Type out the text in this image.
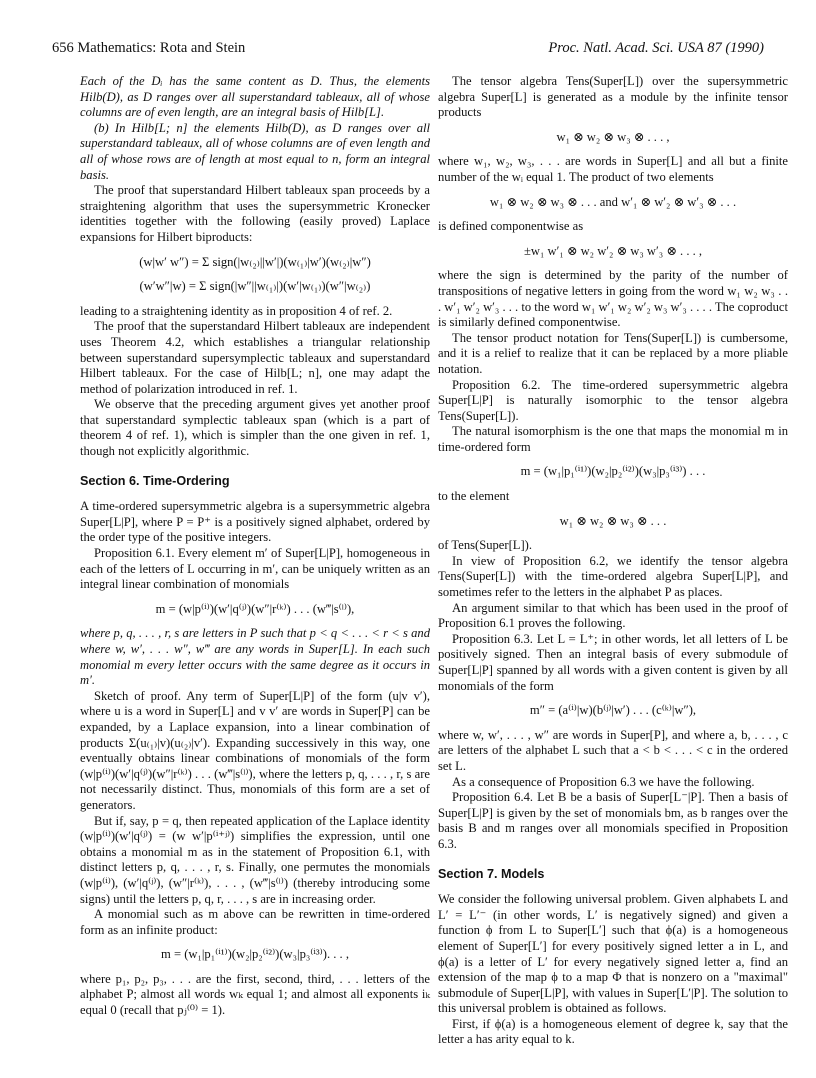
656 Mathematics: Rota and Stein	Proc. Natl. Acad. Sci. USA 87 (1990)

Each of the Dᵢ has the same content as D. Thus, the elements Hilb(D), as D ranges over all superstandard tableaux, all of whose columns are of even length, are an integral basis of Hilb[L].

(b) In Hilb[L; n] the elements Hilb(D), as D ranges over all superstandard tableaux, all of whose columns are of even length and all of whose rows are of length at most equal to n, form an integral basis.

The proof that superstandard Hilbert tableaux span proceeds by a straightening algorithm that uses the supersymmetric Kronecker identities together with the following (easily proved) Laplace expansions for Hilbert biproducts:

(w|w′ w″) = Σ sign(|w₍₂₎||w′|)(w₍₁₎|w′)(w₍₂₎|w″)

(w′w″|w) = Σ sign(|w″||w₍₁₎|)(w′|w₍₁₎)(w″|w₍₂₎)

leading to a straightening identity as in proposition 4 of ref. 2.

The proof that the superstandard Hilbert tableaux are independent uses Theorem 4.2, which establishes a triangular relationship between superstandard supersymplectic tableaux and superstandard Hilbert tableaux. For the case of Hilb[L; n], one may adapt the method of polarization introduced in ref. 1.

We observe that the preceding argument gives yet another proof that superstandard symplectic tableaux span (which is a part of theorem 4 of ref. 1), which is simpler than the one given in ref. 1, though not explicitly algorithmic.

Section 6. Time-Ordering

A time-ordered supersymmetric algebra is a supersymmetric algebra Super[L|P], where P = P⁺ is a positively signed alphabet, ordered by the order type of the positive integers.

Proposition 6.1. Every element m′ of Super[L|P], homogeneous in each of the letters of L occurring in m′, can be uniquely written as an integral linear combination of monomials

m = (w|p⁽ⁱ⁾)(w′|q⁽ʲ⁾)(w″|r⁽ᵏ⁾) . . . (w‴|s⁽ˡ⁾),

where p, q, . . . , r, s are letters in P such that p < q < . . . < r < s and where w, w′, . . . w″, w‴ are any words in Super[L]. In each such monomial m every letter occurs with the same degree as it occurs in m′.

Sketch of proof. Any term of Super[L|P] of the form (u|v v′), where u is a word in Super[L] and v v′ are words in Super[P] can be expanded, by a Laplace expansion, into a linear combination of products Σ(u₍₁₎|v)(u₍₂₎|v′). Expanding successively in this way, one eventually obtains linear combinations of monomials of the form (w|p⁽ⁱ⁾)(w′|q⁽ʲ⁾)(w″|r⁽ᵏ⁾) . . . (w‴|s⁽ˡ⁾), where the letters p, q, . . . , r, s are not necessarily distinct. Thus, monomials of this form are a set of generators.

But if, say, p = q, then repeated application of the Laplace identity (w|p⁽ⁱ⁾)(w′|q⁽ʲ⁾) = (w w′|p⁽ⁱ⁺ʲ⁾) simplifies the expression, until one obtains a monomial m as in the statement of Proposition 6.1, with distinct letters p, q, . . . , r, s. Finally, one permutes the monomials (w|p⁽ⁱ⁾), (w′|q⁽ʲ⁾), (w″|r⁽ᵏ⁾), . . . , (w‴|s⁽ˡ⁾) (thereby introducing some signs) until the letters p, q, r, . . . , s are in increasing order.

A monomial such as m above can be rewritten in time-ordered form as an infinite product:

m = (w₁|p₁⁽ⁱ¹⁾)(w₂|p₂⁽ⁱ²⁾)(w₃|p₃⁽ⁱ³⁾). . . ,

where p₁, p₂, p₃, . . . are the first, second, third, . . . letters of the alphabet P; almost all words wₖ equal 1; and almost all exponents iₖ equal 0 (recall that pⱼ⁽⁰⁾ = 1).

The tensor algebra Tens(Super[L]) over the supersymmetric algebra Super[L] is generated as a module by the infinite tensor products

w₁ ⊗ w₂ ⊗ w₃ ⊗ . . . ,

where w₁, w₂, w₃, . . . are words in Super[L] and all but a finite number of the wᵢ equal 1. The product of two elements

w₁ ⊗ w₂ ⊗ w₃ ⊗ . . . and w′₁ ⊗ w′₂ ⊗ w′₃ ⊗ . . .

is defined componentwise as

±w₁ w′₁ ⊗ w₂ w′₂ ⊗ w₃ w′₃ ⊗ . . . ,

where the sign is determined by the parity of the number of transpositions of negative letters in going from the word w₁ w₂ w₃ . . . w′₁ w′₂ w′₃ . . . to the word w₁ w′₁ w₂ w′₂ w₃ w′₃ . . . . The coproduct is similarly defined componentwise.

The tensor product notation for Tens(Super[L]) is cumbersome, and it is a relief to realize that it can be replaced by a more pliable notation.

Proposition 6.2. The time-ordered supersymmetric algebra Super[L|P] is naturally isomorphic to the tensor algebra Tens(Super[L]).

The natural isomorphism is the one that maps the monomial m in time-ordered form

m = (w₁|p₁⁽ⁱ¹⁾)(w₂|p₂⁽ⁱ²⁾)(w₃|p₃⁽ⁱ³⁾) . . .

to the element

w₁ ⊗ w₂ ⊗ w₃ ⊗ . . .

of Tens(Super[L]).

In view of Proposition 6.2, we identify the tensor algebra Tens(Super[L]) with the time-ordered algebra Super[L|P], and sometimes refer to the letters in the alphabet P as places.

An argument similar to that which has been used in the proof of Proposition 6.1 proves the following.

Proposition 6.3. Let L = L⁺; in other words, let all letters of L be positively signed. Then an integral basis of every submodule of Super[L|P] spanned by all words with a given content is given by all monomials of the form

m″ = (a⁽ⁱ⁾|w)(b⁽ʲ⁾|w′) . . . (c⁽ᵏ⁾|w″),

where w, w′, . . . , w″ are words in Super[P], and where a, b, . . . , c are letters of the alphabet L such that a < b < . . . < c in the ordered set L.

As a consequence of Proposition 6.3 we have the following.

Proposition 6.4. Let B be a basis of Super[L⁻|P]. Then a basis of Super[L|P] is given by the set of monomials bm, as b ranges over the basis B and m ranges over all monomials specified in Proposition 6.3.

Section 7. Models

We consider the following universal problem. Given alphabets L and L′ = L′⁻ (in other words, L′ is negatively signed) and given a function ϕ from L to Super[L′] such that ϕ(a) is a homogeneous element of Super[L′] for every positively signed letter a in L, and ϕ(a) is a letter of L′ for every negatively signed letter a, find an extension of the map ϕ to a map Φ that is nonzero on a "maximal" submodule of Super[L|P], with values in Super[L′|P]. The solution to this universal problem is obtained as follows.

First, if ϕ(a) is a homogeneous element of degree k, say that the letter a has arity equal to k.
